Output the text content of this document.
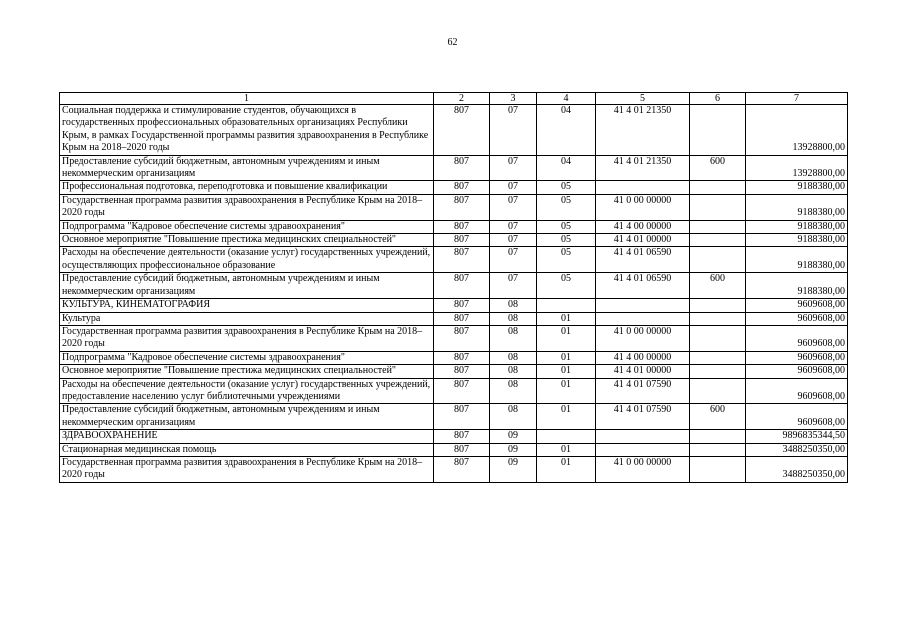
62
1	2	3	4	5	6	7
Социальная поддержка и стимулирование студентов, обучающихся в государственных профессиональных образовательных организациях Республики Крым, в рамках Государственной программы развития здравоохранения в Республике Крым на 2018–2020 годы	807	07	04	41 4 01 21350		13928800,00
Предоставление субсидий бюджетным, автономным учреждениям и иным некоммерческим организациям	807	07	04	41 4 01 21350	600	13928800,00
Профессиональная подготовка, переподготовка и повышение квалификации	807	07	05			9188380,00
Государственная программа развития здравоохранения в Республике Крым на 2018–2020 годы	807	07	05	41 0 00 00000		9188380,00
Подпрограмма "Кадровое обеспечение системы здравоохранения"	807	07	05	41 4 00 00000		9188380,00
Основное мероприятие "Повышение престижа медицинских специальностей"	807	07	05	41 4 01 00000		9188380,00
Расходы на обеспечение деятельности (оказание услуг) государственных учреждений, осуществляющих профессиональное образование	807	07	05	41 4 01 06590		9188380,00
Предоставление субсидий бюджетным, автономным учреждениям и иным некоммерческим организациям	807	07	05	41 4 01 06590	600	9188380,00
КУЛЬТУРА, КИНЕМАТОГРАФИЯ	807	08				9609608,00
Культура	807	08	01			9609608,00
Государственная программа развития здравоохранения в Республике Крым на 2018–2020 годы	807	08	01	41 0 00 00000		9609608,00
Подпрограмма "Кадровое обеспечение системы здравоохранения"	807	08	01	41 4 00 00000		9609608,00
Основное мероприятие "Повышение престижа медицинских специальностей"	807	08	01	41 4 01 00000		9609608,00
Расходы на обеспечение деятельности (оказание услуг) государственных учреждений, предоставление населению услуг библиотечными учреждениями	807	08	01	41 4 01 07590		9609608,00
Предоставление субсидий бюджетным, автономным учреждениям и иным некоммерческим организациям	807	08	01	41 4 01 07590	600	9609608,00
ЗДРАВООХРАНЕНИЕ	807	09				9896835344,50
Стационарная медицинская помощь	807	09	01			3488250350,00
Государственная программа развития здравоохранения в Республике Крым на 2018–2020 годы	807	09	01	41 0 00 00000		3488250350,00
